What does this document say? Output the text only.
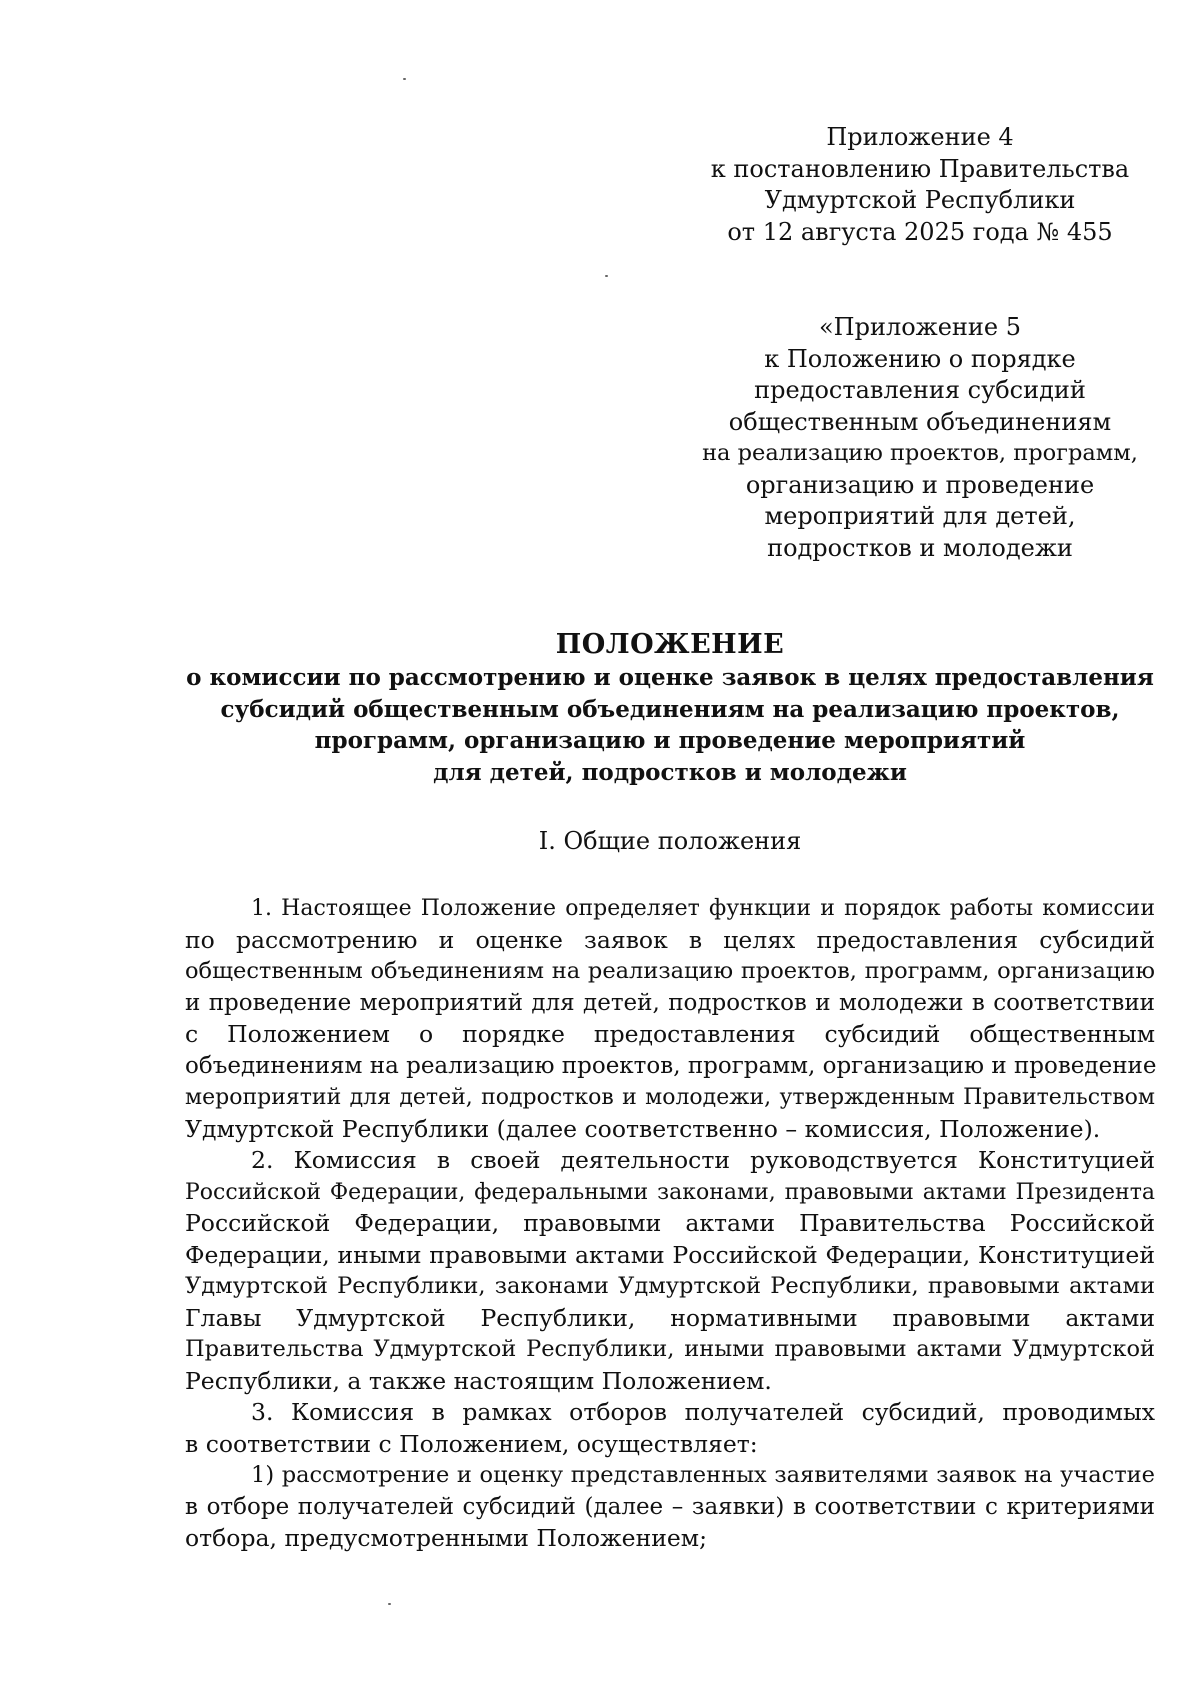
Приложение 4
к постановлению Правительства
Удмуртской Республики
от 12 августа 2025 года № 455
«Приложение 5
к Положению о порядке
предоставления субсидий
общественным объединениям
на реализацию проектов, программ,
организацию и проведение
мероприятий для детей,
подростков и молодежи
ПОЛОЖЕНИЕ
о комиссии по рассмотрению и оценке заявок в целях предоставления
субсидий общественным объединениям на реализацию проектов,
программ, организацию и проведение мероприятий
для детей, подростков и молодежи
I. Общие положения
1. Настоящее Положение определяет функции и порядок работы комиссии
по рассмотрению и оценке заявок в целях предоставления субсидий
общественным объединениям на реализацию проектов, программ, организацию
и проведение мероприятий для детей, подростков и молодежи в соответствии
с Положением о порядке предоставления субсидий общественным
объединениям на реализацию проектов, программ, организацию и проведение
мероприятий для детей, подростков и молодежи, утвержденным Правительством
Удмуртской Республики (далее соответственно – комиссия, Положение).
2. Комиссия в своей деятельности руководствуется Конституцией
Российской Федерации, федеральными законами, правовыми актами Президента
Российской Федерации, правовыми актами Правительства Российской
Федерации, иными правовыми актами Российской Федерации, Конституцией
Удмуртской Республики, законами Удмуртской Республики, правовыми актами
Главы Удмуртской Республики, нормативными правовыми актами
Правительства Удмуртской Республики, иными правовыми актами Удмуртской
Республики, а также настоящим Положением.
3. Комиссия в рамках отборов получателей субсидий, проводимых
в соответствии с Положением, осуществляет:
1) рассмотрение и оценку представленных заявителями заявок на участие
в отборе получателей субсидий (далее – заявки) в соответствии с критериями
отбора, предусмотренными Положением;
